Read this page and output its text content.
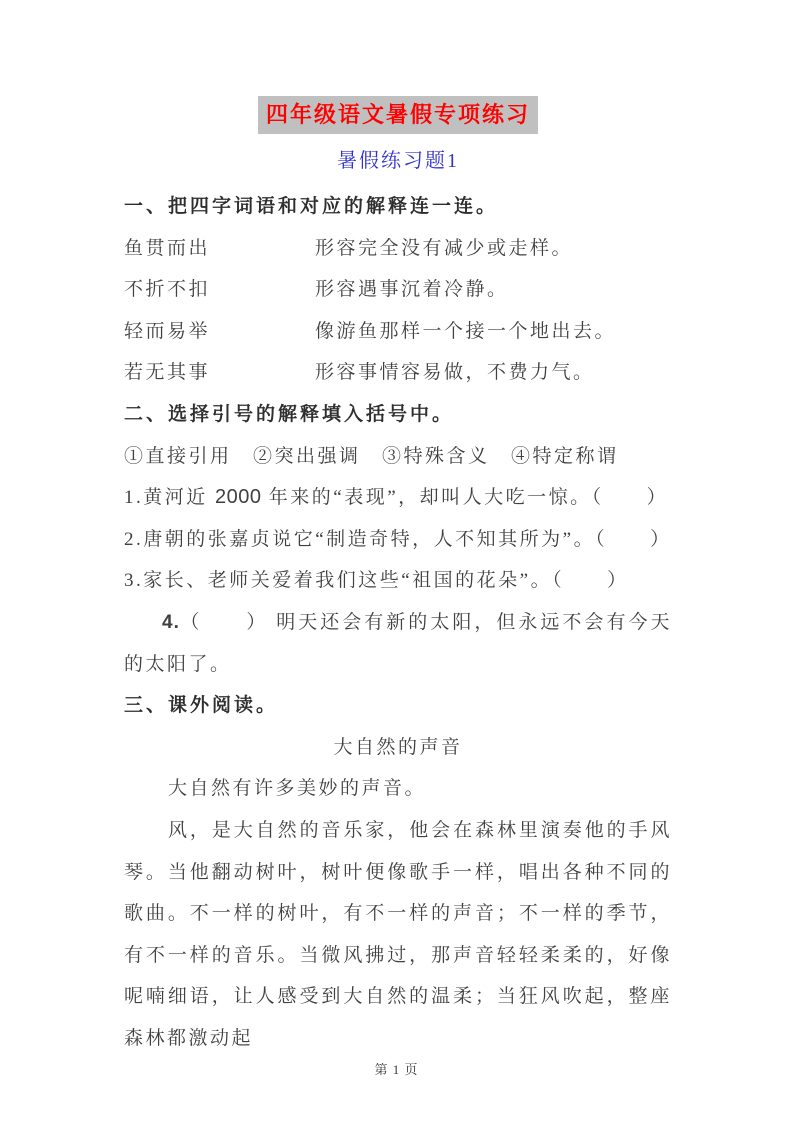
四年级语文暑假专项练习
暑假练习题1

一、把四字词语和对应的解释连一连。

鱼贯而出	形容完全没有减少或走样。
不折不扣	形容遇事沉着冷静。
轻而易举	像游鱼那样一个接一个地出去。
若无其事	形容事情容易做，不费力气。

二、选择引号的解释填入括号中。

①直接引用　②突出强调　③特殊含义　④特定称谓

1.黄河近 2000 年来的“表现”，却叫人大吃一惊。（　　）

2.唐朝的张嘉贞说它“制造奇特，人不知其所为”。（　　）

3.家长、老师关爱着我们这些“祖国的花朵”。（　　）

4.（　　） 明天还会有新的太阳，但永远不会有今天的太阳了。

三、课外阅读。

大自然的声音

大自然有许多美妙的声音。

风，是大自然的音乐家，他会在森林里演奏他的手风琴。当他翻动树叶，树叶便像歌手一样，唱出各种不同的歌曲。不一样的树叶，有不一样的声音；不一样的季节，有不一样的音乐。当微风拂过，那声音轻轻柔柔的，好像呢喃细语，让人感受到大自然的温柔；当狂风吹起，整座森林都激动起

第 1 页
